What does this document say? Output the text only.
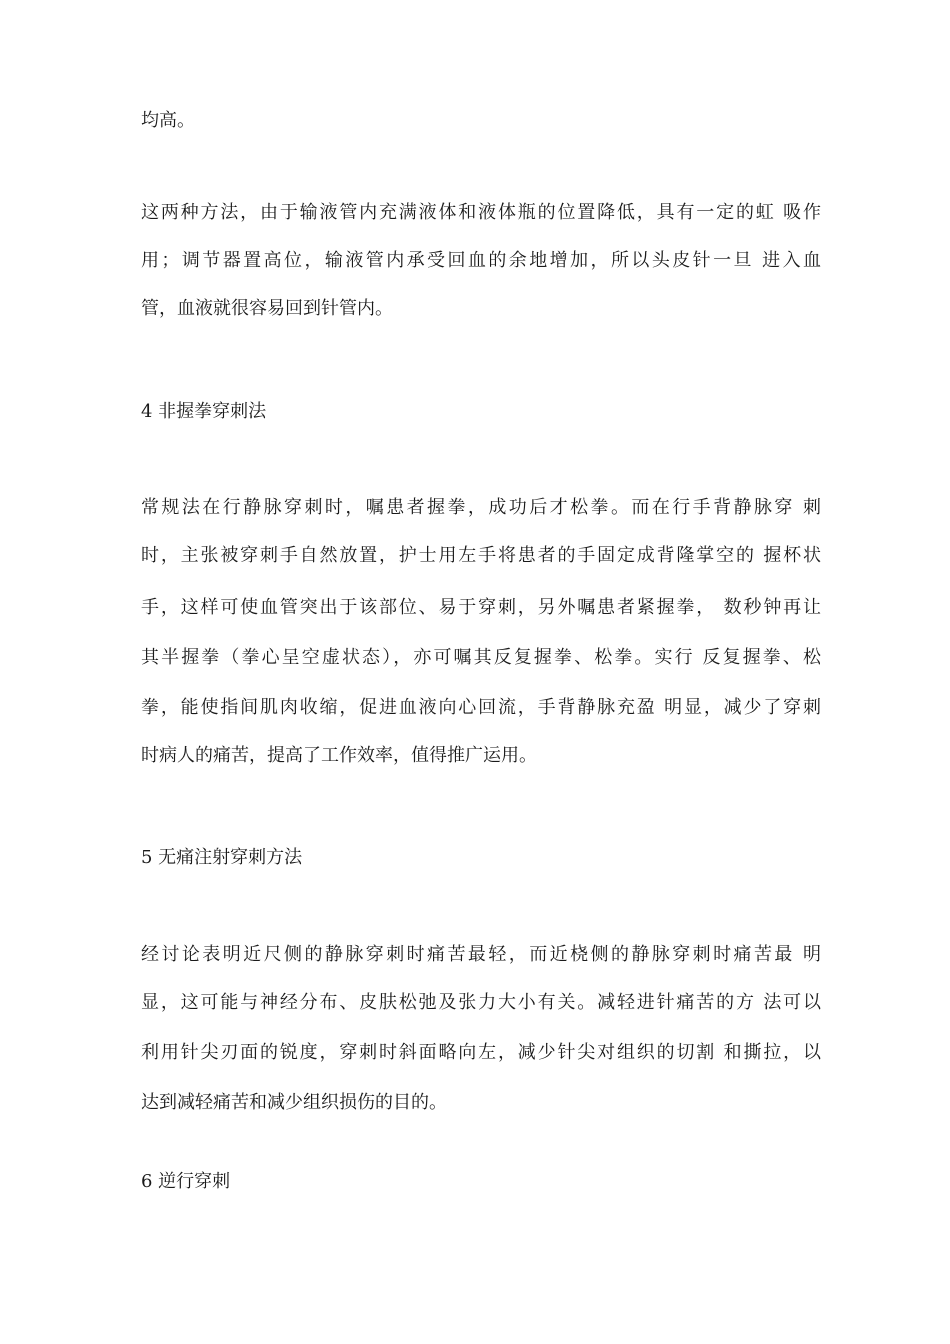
均高。

这两种方法，由于输液管内充满液体和液体瓶的位置降低，具有一定的虹 吸作

用；调节器置高位，输液管内承受回血的余地增加，所以头皮针一旦 进入血

管，血液就很容易回到针管内。

4 非握拳穿刺法

常规法在行静脉穿刺时，嘱患者握拳，成功后才松拳。而在行手背静脉穿 刺

时，主张被穿刺手自然放置，护士用左手将患者的手固定成背隆掌空的 握杯状

手，这样可使血管突出于该部位、易于穿刺，另外嘱患者紧握拳， 数秒钟再让

其半握拳（拳心呈空虚状态），亦可嘱其反复握拳、松拳。实行 反复握拳、松

拳，能使指间肌肉收缩，促进血液向心回流，手背静脉充盈 明显，减少了穿刺

时病人的痛苦，提高了工作效率，值得推广运用。

5 无痛注射穿刺方法

经讨论表明近尺侧的静脉穿刺时痛苦最轻，而近桡侧的静脉穿刺时痛苦最 明

显，这可能与神经分布、皮肤松弛及张力大小有关。减轻进针痛苦的方 法可以

利用针尖刃面的锐度，穿刺时斜面略向左，减少针尖对组织的切割 和撕拉，以

达到减轻痛苦和减少组织损伤的目的。

6 逆行穿刺
